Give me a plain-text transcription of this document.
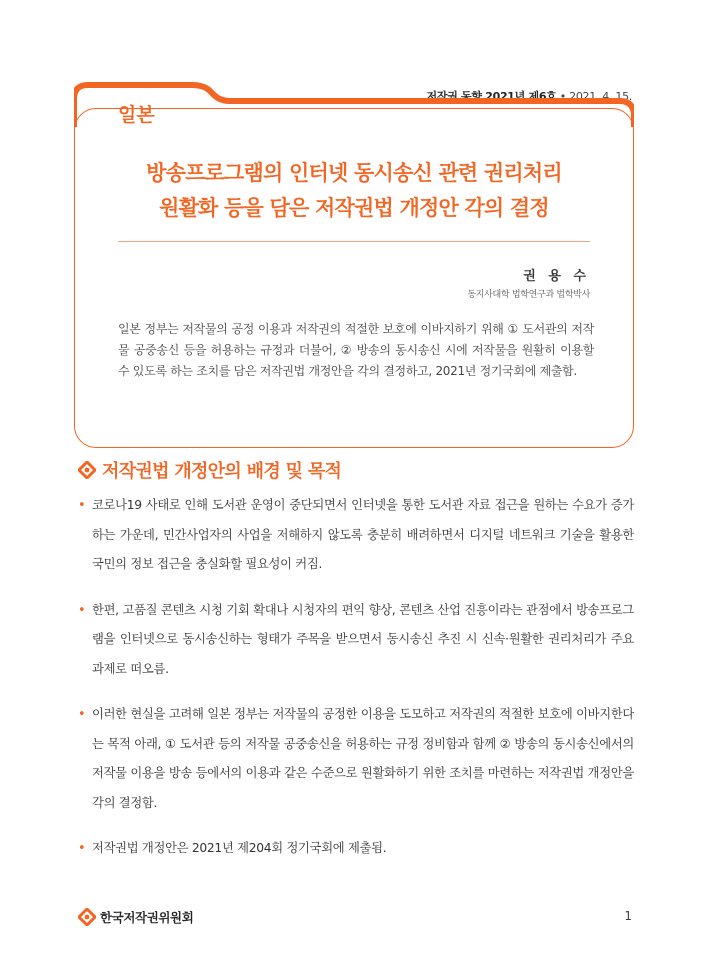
저작권 동향 2021년 제6호 • 2021. 4. 15.
일본
방송프로그램의 인터넷 동시송신 관련 권리처리
원활화 등을 담은 저작권법 개정안 각의 결정
권 용 수
동지사대학 법학연구과 법학박사
일본 정부는 저작물의 공정 이용과 저작권의 적절한 보호에 이바지하기 위해 ① 도서관의 저작물 공중송신 등을 허용하는 규정과 더불어, ② 방송의 동시송신 시에 저작물을 원활히 이용할 수 있도록 하는 조치를 담은 저작권법 개정안을 각의 결정하고, 2021년 정기국회에 제출함.
저작권법 개정안의 배경 및 목적
• 코로나19 사태로 인해 도서관 운영이 중단되면서 인터넷을 통한 도서관 자료 접근을 원하는 수요가 증가하는 가운데, 민간사업자의 사업을 저해하지 않도록 충분히 배려하면서 디지털 네트워크 기술을 활용한 국민의 정보 접근을 충실화할 필요성이 커짐.
• 한편, 고품질 콘텐츠 시청 기회 확대나 시청자의 편익 향상, 콘텐츠 산업 진흥이라는 관점에서 방송프로그램을 인터넷으로 동시송신하는 형태가 주목을 받으면서 동시송신 추진 시 신속·원활한 권리처리가 주요 과제로 떠오름.
• 이러한 현실을 고려해 일본 정부는 저작물의 공정한 이용을 도모하고 저작권의 적절한 보호에 이바지한다는 목적 아래, ① 도서관 등의 저작물 공중송신을 허용하는 규정 정비함과 함께 ② 방송의 동시송신에서의 저작물 이용을 방송 등에서의 이용과 같은 수준으로 원활화하기 위한 조치를 마련하는 저작권법 개정안을 각의 결정함.
• 저작권법 개정안은 2021년 제204회 정기국회에 제출됨.
한국저작권위원회	1
